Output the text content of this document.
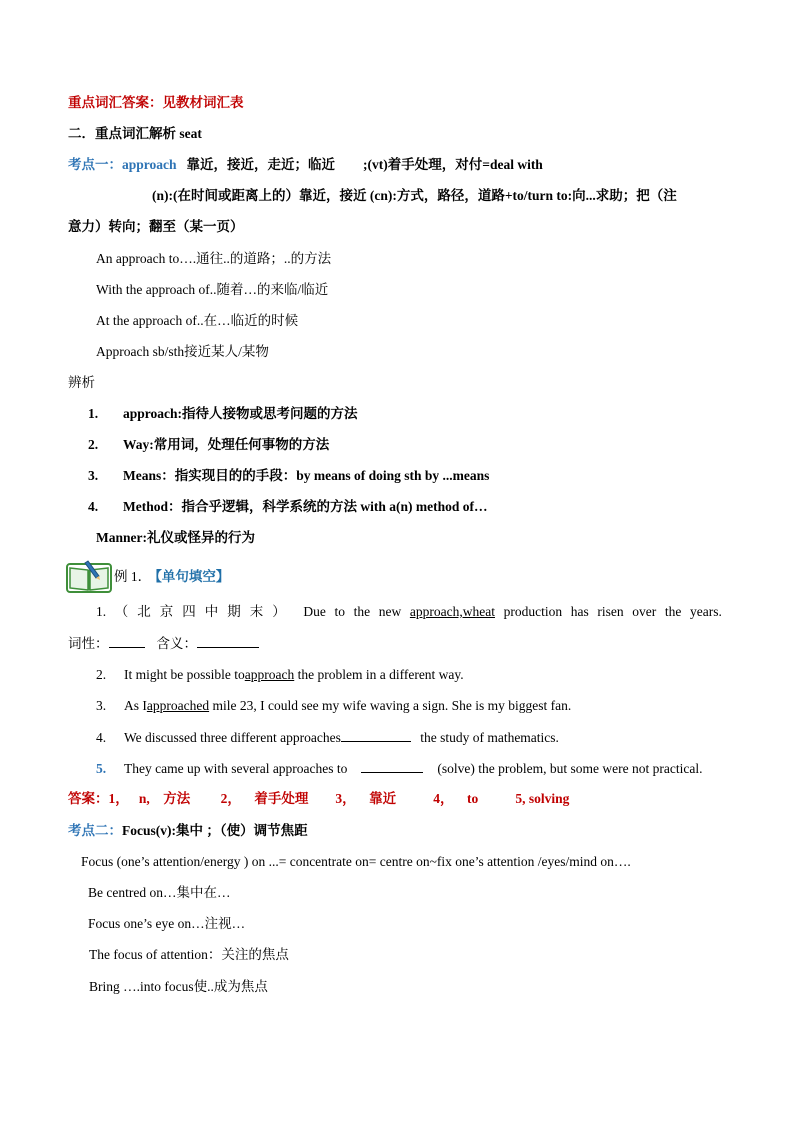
重点词汇答案：见教材词汇表
二．重点词汇解析 seat
考点一：approach 靠近，接近，走近；临近 ;(vt)着手处理，对付=deal with
(n):(在时间或距离上的）靠近，接近 (cn):方式，路径，道路+to/turn to:向...求助；把（注
意力）转向；翻至（某一页）
An approach to….通往..的道路；..的方法
With the approach of..随着…的来临/临近
At the approach of..在…临近的时候
Approach sb/sth接近某人/某物
辨析
1. approach:指待人接物或思考问题的方法
2. Way:常用词，处理任何事物的方法
3. Means：指实现目的的手段：by means of doing sth by ...means
4. Method：指合乎逻辑，科学系统的方法 with a(n) method of…
Manner:礼仪或怪异的行为
例 1． 【单句填空】
1. （北京四中期末） Due to the new approach,wheat production has risen over the years.
词性：	含义：
2. It might be possible toapproach the problem in a different way.
3. As Iapproached mile 23, I could see my wife waving a sign. She is my biggest fan.
4. We discussed three different approaches	the study of mathematics.
5. They came up with several approaches to	(solve) the problem, but some were not practical.
答案：1，   n,    方法         2，    着手处理        3，    靠近           4，    to           5, solving
考点二：Focus(v):集中 ；（使）调节焦距
Focus (one’s attention/energy ) on ...= concentrate on= centre on~fix one’s attention /eyes/mind on….
Be centred on…集中在…
Focus one’s eye on…注视…
The focus of attention：关注的焦点
Bring ….into focus使..成为焦点
